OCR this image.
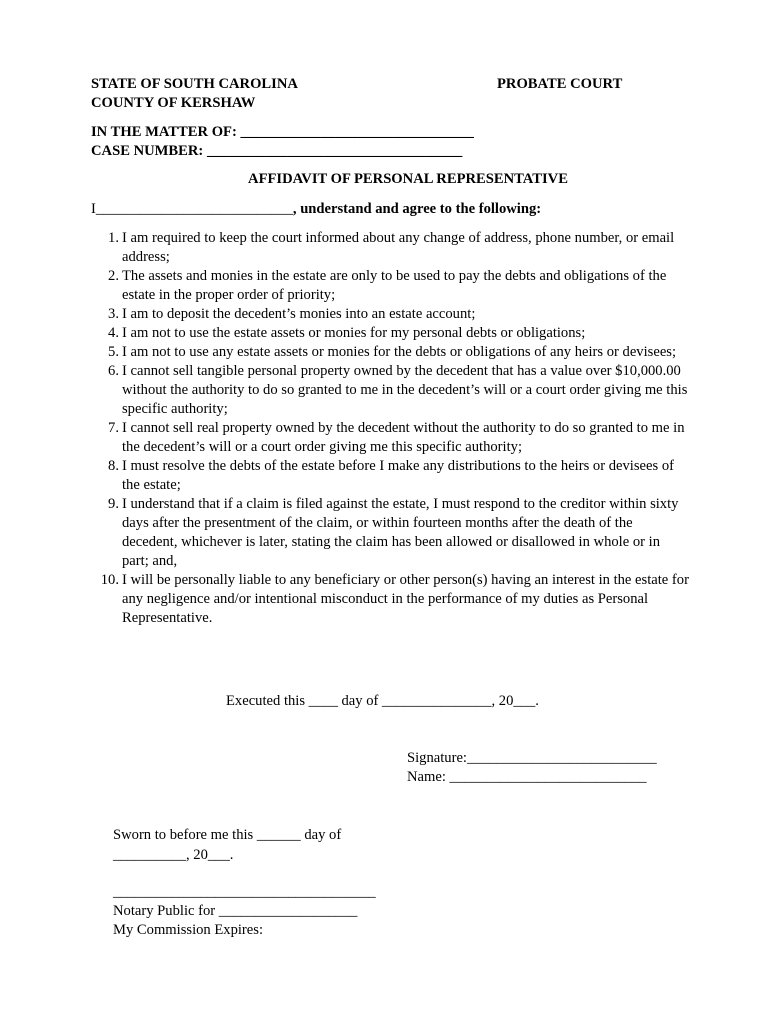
STATE OF SOUTH CAROLINA
COUNTY OF KERSHAW
PROBATE COURT
IN THE MATTER OF: ________________________________
CASE NUMBER: ___________________________________
AFFIDAVIT OF PERSONAL REPRESENTATIVE
I___________________________, understand and agree to the following:
1. I am required to keep the court informed about any change of address, phone number, or email address;
2. The assets and monies in the estate are only to be used to pay the debts and obligations of the estate in the proper order of priority;
3. I am to deposit the decedent’s monies into an estate account;
4. I am not to use the estate assets or monies for my personal debts or obligations;
5. I am not to use any estate assets or monies for the debts or obligations of any heirs or devisees;
6. I cannot sell tangible personal property owned by the decedent that has a value over $10,000.00 without the authority to do so granted to me in the decedent’s will or a court order giving me this specific authority;
7. I cannot sell real property owned by the decedent without the authority to do so granted to me in the decedent’s will or a court order giving me this specific authority;
8. I must resolve the debts of the estate before I make any distributions to the heirs or devisees of the estate;
9. I understand that if a claim is filed against the estate, I must respond to the creditor within sixty days after the presentment of the claim, or within fourteen months after the death of the decedent, whichever is later, stating the claim has been allowed or disallowed in whole or in part; and,
10. I will be personally liable to any beneficiary or other person(s) having an interest in the estate for any negligence and/or intentional misconduct in the performance of my duties as Personal Representative.
Executed this ____ day of _______________, 20___.
Signature:__________________________
Name: ___________________________
Sworn to before me this ______ day of
__________, 20___.
____________________________________
Notary Public for ___________________
My Commission Expires:
